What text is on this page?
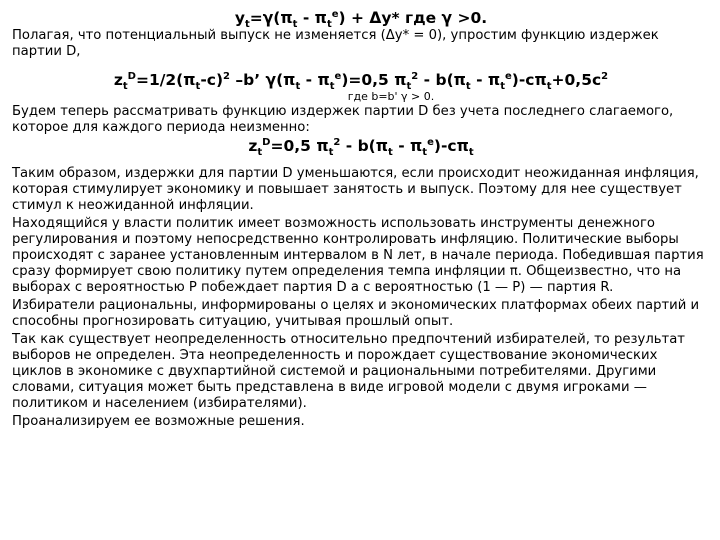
$y_t=\gamma(\pi_t - \pi_t^e) + \Delta y*$ где γ >0.

Полагая, что потенциальный выпуск не изменяется (Δy* = 0), упростим функцию издержек партии D,

$z_t^D=1/2(\pi_t-c)^2$ –b’ $\gamma(\pi_t - \pi_t^e)=0,5$ $\pi_t^2 - b(\pi_t - \pi_t^e)-c\pi_t+0,5c^2$
где b=b' γ > 0.

Будем теперь рассматривать функцию издержек партии D без учета последнего слагаемого, которое для каждого периода неизменно:

$z_t^D=0,5$ $\pi_t^2 - b(\pi_t - \pi_t^e)-c\pi_t$

Таким образом, издержки для партии D уменьшаются, если происходит неожиданная инфляция, которая стимулирует экономику и повышает занятость и выпуск. Поэтому для нее существует стимул к неожиданной инфляции.

Находящийся у власти политик имеет возможность использовать инструменты денежного регулирования и поэтому непосредственно контролировать инфляцию. Политические выборы происходят с заранее установленным интервалом в N лет, в начале периода. Победившая партия сразу формирует свою политику путем определения темпа инфляции π. Общеизвестно, что на выборах с вероятностью P побеждает партия D а с вероятностью (1 — P) — партия R.

Избиратели рациональны, информированы о целях и экономических платформах обеих партий и способны прогнозировать ситуацию, учитывая прошлый опыт.

Так как существует неопределенность относительно предпочтений избирателей, то результат выборов не определен. Эта неопределенность и порождает существование экономических циклов в экономике с двухпартийной системой и рациональными потребителями. Другими словами, ситуация может быть представлена в виде игровой модели с двумя игроками — политиком и населением (избирателями).

Проанализируем ее возможные решения.
